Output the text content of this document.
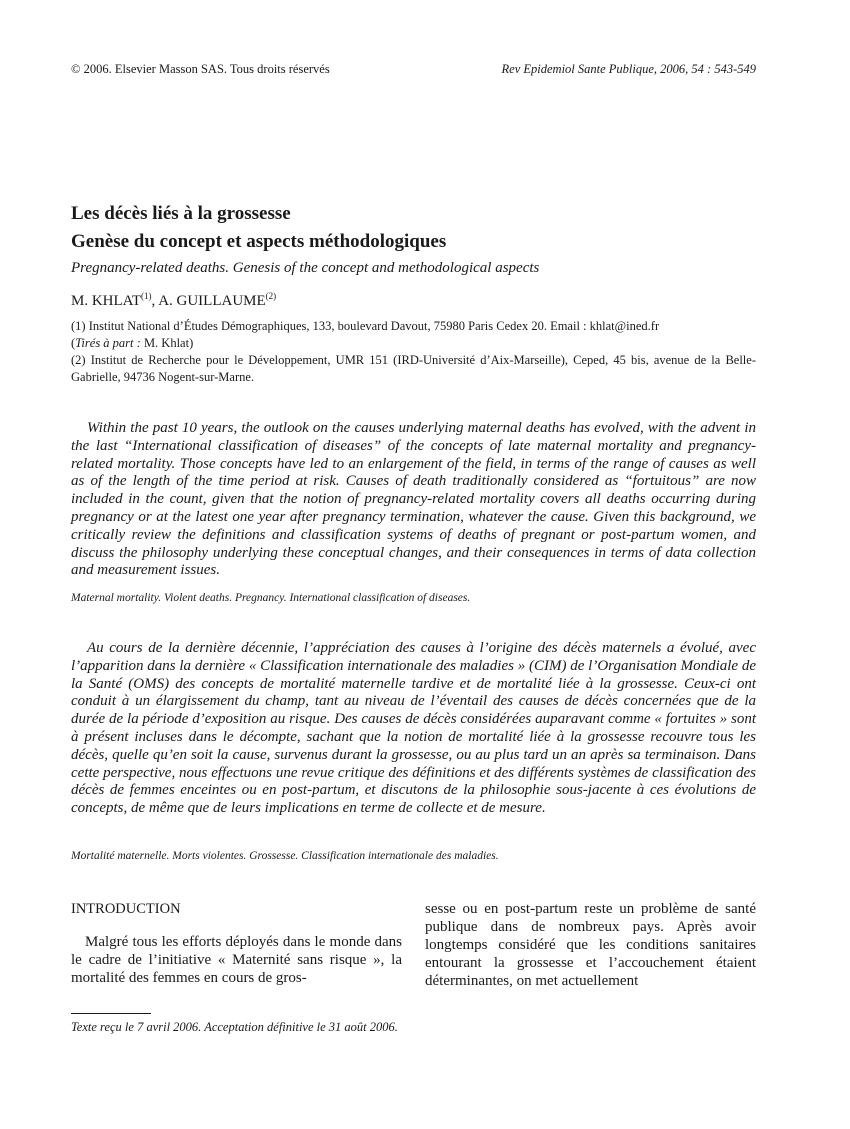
© 2006. Elsevier Masson SAS. Tous droits réservés	Rev Epidemiol Sante Publique, 2006, 54 : 543-549
Les décès liés à la grossesse
Genèse du concept et aspects méthodologiques

Pregnancy-related deaths. Genesis of the concept and methodological aspects

M. KHLAT$^{(1)}$, A. GUILLAUME$^{(2)}$

(1) Institut National d’Études Démographiques, 133, boulevard Davout, 75980 Paris Cedex 20. Email : khlat@ined.fr

(Tirés à part : M. Khlat)

(2) Institut de Recherche pour le Développement, UMR 151 (IRD-Université d’Aix-Marseille), Ceped, 45 bis, avenue de la Belle-Gabrielle, 94736 Nogent-sur-Marne.

Within the past 10 years, the outlook on the causes underlying maternal deaths has evolved, with the advent in the last “International classification of diseases” of the concepts of late maternal mortality and pregnancy-related mortality. Those concepts have led to an enlargement of the field, in terms of the range of causes as well as of the length of the time period at risk. Causes of death traditionally considered as “fortuitous” are now included in the count, given that the notion of pregnancy-related mortality covers all deaths occurring during pregnancy or at the latest one year after pregnancy termination, whatever the cause. Given this background, we critically review the definitions and classification systems of deaths of pregnant or post-partum women, and discuss the philosophy underlying these conceptual changes, and their consequences in terms of data collection and measurement issues.

Maternal mortality. Violent deaths. Pregnancy. International classification of diseases.

Au cours de la dernière décennie, l’appréciation des causes à l’origine des décès maternels a évolué, avec l’apparition dans la dernière « Classification internationale des maladies » (CIM) de l’Organisation Mondiale de la Santé (OMS) des concepts de mortalité maternelle tardive et de mortalité liée à la grossesse. Ceux-ci ont conduit à un élargissement du champ, tant au niveau de l’éventail des causes de décès concernées que de la durée de la période d’exposition au risque. Des causes de décès considérées auparavant comme « fortuites » sont à présent incluses dans le décompte, sachant que la notion de mortalité liée à la grossesse recouvre tous les décès, quelle qu’en soit la cause, survenus durant la grossesse, ou au plus tard un an après sa terminaison. Dans cette perspective, nous effectuons une revue critique des définitions et des différents systèmes de classification des décès de femmes enceintes ou en post-partum, et discutons de la philosophie sous-jacente à ces évolutions de concepts, de même que de leurs implications en terme de collecte et de mesure.

Mortalité maternelle. Morts violentes. Grossesse. Classification internationale des maladies.

INTRODUCTION

Malgré tous les efforts déployés dans le monde dans le cadre de l’initiative « Maternité sans risque », la mortalité des femmes en cours de gros-

sesse ou en post-partum reste un problème de santé publique dans de nombreux pays. Après avoir longtemps considéré que les conditions sanitaires entourant la grossesse et l’accouchement étaient déterminantes, on met actuellement

Texte reçu le 7 avril 2006. Acceptation définitive le 31 août 2006.
